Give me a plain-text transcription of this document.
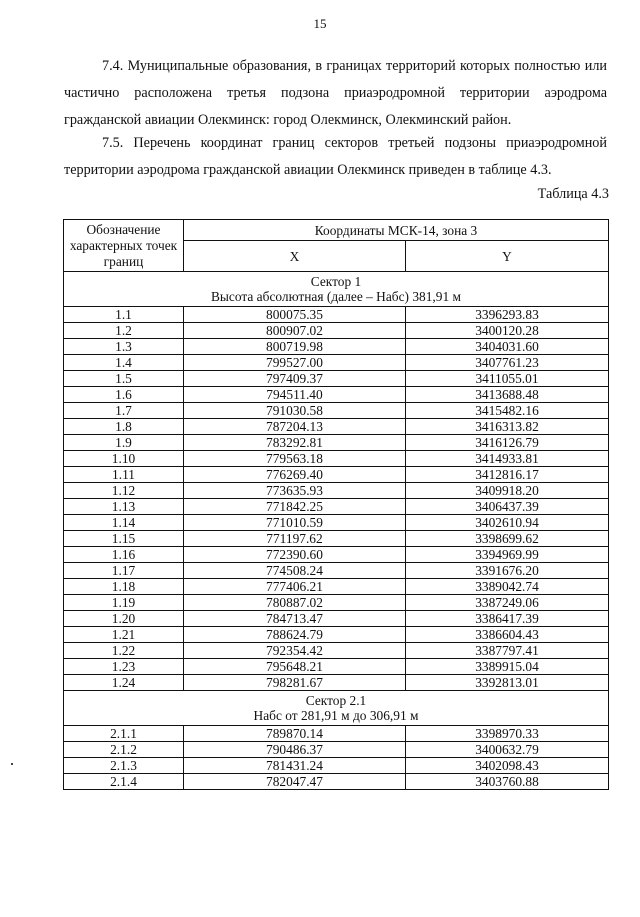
15

7.4. Муниципальные образования, в границах территорий которых полностью или частично расположена третья подзона приаэродромной территории аэродрома гражданской авиации Олекминск: город Олекминск, Олекминский район.

7.5. Перечень координат границ секторов третьей подзоны приаэродромной территории аэродрома гражданской авиации Олекминск приведен в таблице 4.3.

Таблица 4.3
Обозначение характерных точек границ	Координаты МСК-14, зона 3	
	X	Y

Сектор 1
Высота абсолютная (далее – Набс) 381,91 м		

1.1	800075.35	3396293.83
1.2	800907.02	3400120.28
1.3	800719.98	3404031.60
1.4	799527.00	3407761.23
1.5	797409.37	3411055.01
1.6	794511.40	3413688.48
1.7	791030.58	3415482.16
1.8	787204.13	3416313.82
1.9	783292.81	3416126.79
1.10	779563.18	3414933.81
1.11	776269.40	3412816.17
1.12	773635.93	3409918.20
1.13	771842.25	3406437.39
1.14	771010.59	3402610.94
1.15	771197.62	3398699.62
1.16	772390.60	3394969.99
1.17	774508.24	3391676.20
1.18	777406.21	3389042.74
1.19	780887.02	3387249.06
1.20	784713.47	3386417.39
1.21	788624.79	3386604.43
1.22	792354.42	3387797.41
1.23	795648.21	3389915.04
1.24	798281.67	3392813.01

Сектор 2.1
Набс от 281,91 м до 306,91 м		

2.1.1	789870.14	3398970.33
2.1.2	790486.37	3400632.79
2.1.3	781431.24	3402098.43
2.1.4	782047.47	3403760.88
